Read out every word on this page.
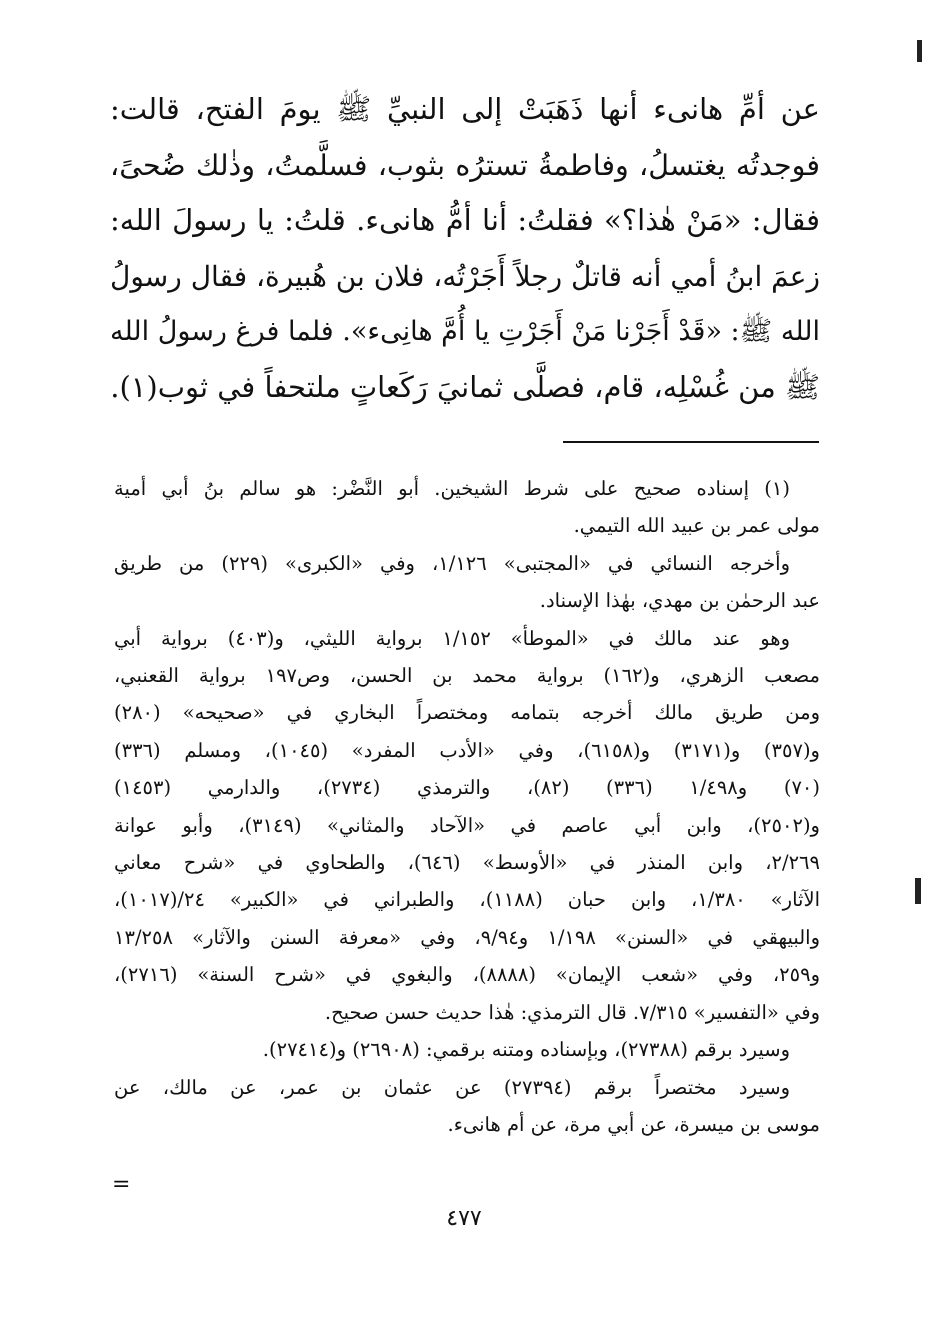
عن أمِّ هانىء أنها ذَهَبَتْ إلى النبيِّ ﷺ يومَ الفتح، قالت:
فوجدتُه يغتسلُ، وفاطمةُ تسترُه بثوب، فسلَّمتُ، وذٰلك ضُحىً،
فقال: «مَنْ هٰذا؟» فقلتُ: أنا أمُّ هانىء. قلتُ: يا رسولَ الله:
زعمَ ابنُ أمي أنه قاتلٌ رجلاً أَجَرْتُه، فلان بن هُبيرة، فقال رسولُ
الله ﷺ: «قَدْ أَجَرْنا مَنْ أَجَرْتِ يا أُمَّ هانِىء». فلما فرغ رسولُ الله
ﷺ من غُسْلِه، قام، فصلَّى ثمانيَ رَكَعاتٍ ملتحفاً في ثوب(١).

(١) إسناده صحيح على شرط الشيخين. أبو النَّضْر: هو سالم بنُ أبي أمية
مولى عمر بن عبيد الله التيمي.
وأخرجه النسائي في «المجتبى» ١/١٢٦، وفي «الكبرى» (٢٢٩) من طريق
عبد الرحمٰن بن مهدي، بهٰذا الإسناد.
وهو عند مالك في «الموطأ» ١/١٥٢ برواية الليثي، و(٤٠٣) برواية أبي
مصعب الزهري، و(١٦٢) برواية محمد بن الحسن، وص١٩٧ برواية القعنبي،
ومن طريق مالك أخرجه بتمامه ومختصراً البخاري في «صحيحه» (٢٨٠)
و(٣٥٧) و(٣١٧١) و(٦١٥٨)، وفي «الأدب المفرد» (١٠٤٥)، ومسلم (٣٣٦)
(٧٠) و١/٤٩٨ (٣٣٦) (٨٢)، والترمذي (٢٧٣٤)، والدارمي (١٤٥٣)
و(٢٥٠٢)، وابن أبي عاصم في «الآحاد والمثاني» (٣١٤٩)، وأبو عوانة
٢/٢٦٩، وابن المنذر في «الأوسط» (٦٤٦)، والطحاوي في «شرح معاني
الآثار» ١/٣٨٠، وابن حبان (١١٨٨)، والطبراني في «الكبير» ٢٤/(١٠١٧)،
والبيهقي في «السنن» ١/١٩٨ و٩/٩٤، وفي «معرفة السنن والآثار» ١٣/٢٥٨
و٢٥٩، وفي «شعب الإيمان» (٨٨٨٨)، والبغوي في «شرح السنة» (٢٧١٦)،
وفي «التفسير» ٧/٣١٥. قال الترمذي: هٰذا حديث حسن صحيح.
وسيرد برقم (٢٧٣٨٨)، وبإسناده ومتنه برقمي: (٢٦٩٠٨) و(٢٧٤١٤).
وسيرد مختصراً برقم (٢٧٣٩٤) عن عثمان بن عمر، عن مالك، عن
موسى بن ميسرة، عن أبي مرة، عن أم هانىء.
=
٤٧٧
